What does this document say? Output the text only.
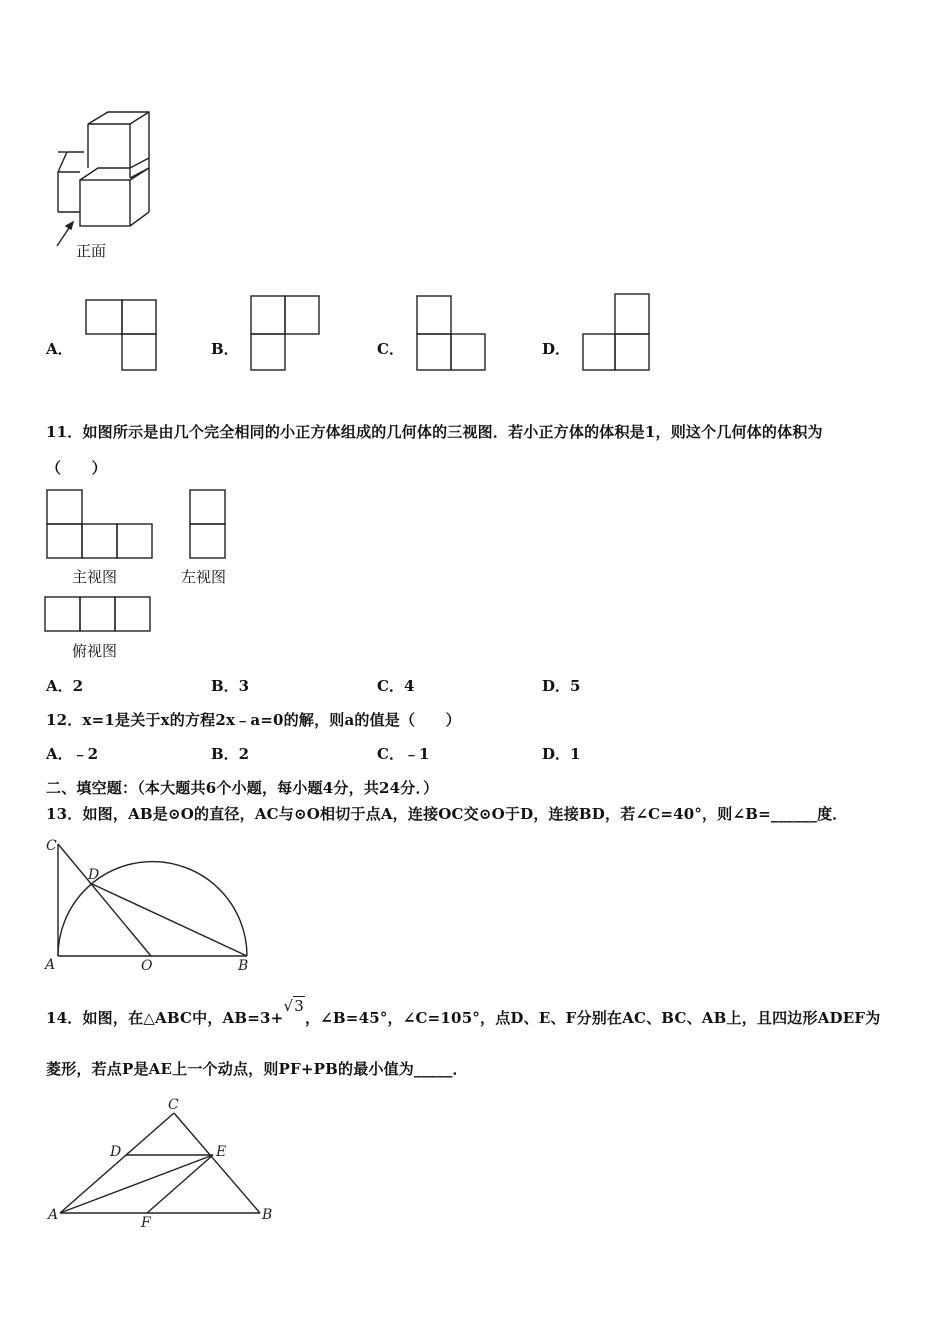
正面
A．	B．	C．	D．
11．如图所示是由几个完全相同的小正方体组成的几何体的三视图．若小正方体的体积是1，则这个几何体的体积为
（　　）
主视图	左视图
俯视图
A．2	B．3	C．4	D．5
12．x=1是关于x的方程2x﹣a=0的解，则a的值是（　　）
A．﹣2	B．2	C．﹣1	D．1
二、填空题：（本大题共6个小题，每小题4分，共24分．）
13．如图，AB是⊙O的直径，AC与⊙O相切于点A，连接OC交⊙O于D，连接BD，若∠C=40°，则∠B=______度．
C
D
A	O	B
14．如图，在△ABC中，AB=3+√3，∠B=45°，∠C=105°，点D、E、F分别在AC、BC、AB上，且四边形ADEF为
菱形，若点P是AE上一个动点，则PF+PB的最小值为_____．
C
D	E
A	F	B
